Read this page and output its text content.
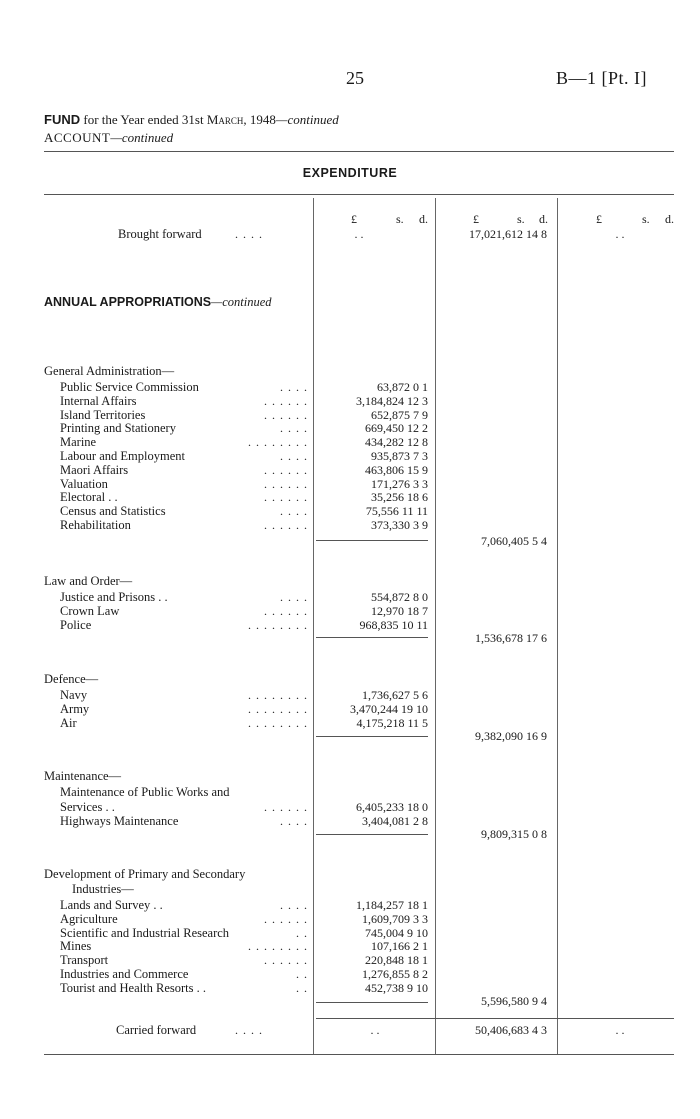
25	B—1 [Pt. I]
FUND for the Year ended 31st March, 1948—continued
ACCOUNT—continued
EXPENDITURE
£	s. d.	£	s. d.	£	s. d.
Brought forward	. . . .	. .	17,021,612 14 8	. .
ANNUAL APPROPRIATIONS—continued
General Administration—
Public Service Commission	. . . .	63,872 0 1
Internal Affairs	. . . . . .	3,184,824 12 3
Island Territories	. . . . . .	652,875 7 9
Printing and Stationery	. . . .	669,450 12 2
Marine	. . . . . . . .	434,282 12 8
Labour and Employment	. . . .	935,873 7 3
Maori Affairs	. . . . . .	463,806 15 9
Valuation	. . . . . .	171,276 3 3
Electoral . .	. . . . . .	35,256 18 6
Census and Statistics	. . . .	75,556 11 11
Rehabilitation	. . . . . .	373,330 3 9
7,060,405 5 4
Law and Order—
Justice and Prisons . .	. . . .	554,872 8 0
Crown Law	. . . . . .	12,970 18 7
Police	. . . . . . . .	968,835 10 11
1,536,678 17 6
Defence—
Navy	. . . . . . . .	1,736,627 5 6
Army	. . . . . . . .	3,470,244 19 10
Air	. . . . . . . .	4,175,218 11 5
9,382,090 16 9
Maintenance—
Maintenance of Public Works and
Services . .	. . . . . .	6,405,233 18 0
Highways Maintenance	. . . .	3,404,081 2 8
9,809,315 0 8
Development of Primary and Secondary
Industries—
Lands and Survey . .	. . . .	1,184,257 18 1
Agriculture	. . . . . .	1,609,709 3 3
Scientific and Industrial Research	. .	745,004 9 10
Mines	. . . . . . . .	107,166 2 1
Transport	. . . . . .	220,848 18 1
Industries and Commerce	. .	1,276,855 8 2
Tourist and Health Resorts . .	. .	452,738 9 10
5,596,580 9 4
Carried forward	. . . .	. .	50,406,683 4 3	. .
